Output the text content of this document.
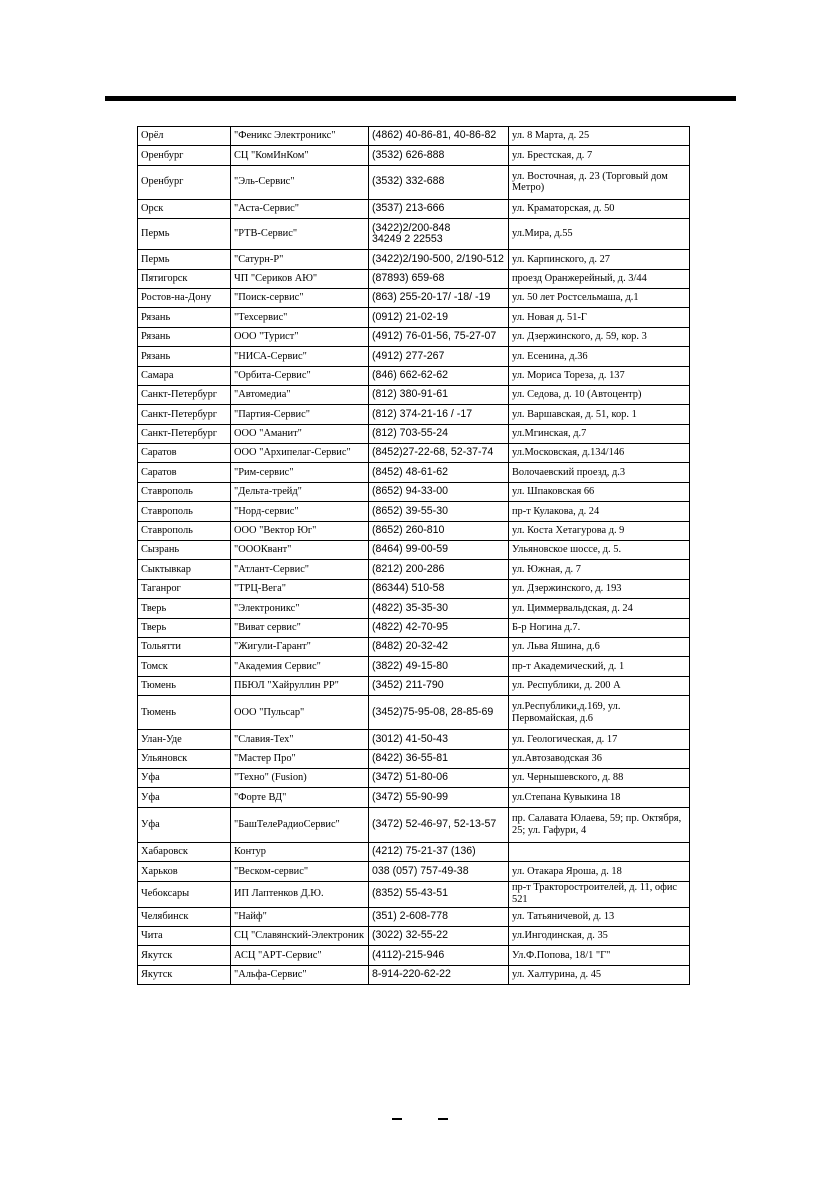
Орёл	"Феникс Электроникс"	(4862) 40-86-81, 40-86-82	ул. 8 Марта, д. 25
Оренбург	СЦ "КомИнКом"	(3532) 626-888	ул. Брестская, д. 7
Оренбург	"Эль-Сервис"	(3532) 332-688	ул. Восточная, д. 23 (Торговый дом Метро)
Орск	"Аста-Сервис"	(3537) 213-666	ул. Краматорская, д. 50
Пермь	"РТВ-Сервис"	(3422)2/200-848
34249 2 22553	ул.Мира, д.55
Пермь	"Сатурн-Р"	(3422)2/190-500, 2/190-512	ул. Карпинского, д. 27
Пятигорск	ЧП "Сериков АЮ"	(87893) 659-68	проезд Оранжерейный, д. 3/44
Ростов-на-Дону	"Поиск-сервис"	(863) 255-20-17/ -18/ -19	ул. 50 лет Ростсельмаша, д.1
Рязань	"Техсервис"	(0912) 21-02-19	ул. Новая д. 51-Г
Рязань	ООО "Турист"	(4912) 76-01-56, 75-27-07	ул. Дзержинского, д. 59, кор. 3
Рязань	"НИСА-Сервис"	(4912) 277-267	ул. Есенина, д.36
Самара	"Орбита-Сервис"	(846) 662-62-62	ул. Мориса Тореза, д. 137
Санкт-Петербург	"Автомедиа"	(812) 380-91-61	ул. Седова, д. 10 (Автоцентр)
Санкт-Петербург	"Партия-Сервис"	(812) 374-21-16 / -17	ул. Варшавская, д. 51, кор. 1
Санкт-Петербург	ООО "Аманит"	(812) 703-55-24	ул.Мгинская, д.7
Саратов	ООО "Архипелаг-Сервис"	(8452)27-22-68, 52-37-74	ул.Московская, д.134/146
Саратов	"Рим-сервис"	(8452) 48-61-62	Волочаевский проезд, д.3
Ставрополь	"Дельта-трейд"	(8652) 94-33-00	ул. Шпаковская 66
Ставрополь	"Норд-сервис"	(8652) 39-55-30	пр-т Кулакова, д. 24
Ставрополь	ООО "Вектор Юг"	(8652) 260-810	ул. Коста Хетагурова д. 9
Сызрань	"ОООКвант"	(8464) 99-00-59	Ульяновское шоссе, д. 5.
Сыктывкар	"Атлант-Сервис"	(8212) 200-286	ул. Южная, д. 7
Таганрог	"ТРЦ-Вега"	(86344) 510-58	ул. Дзержинского, д. 193
Тверь	"Электроникс"	(4822) 35-35-30	ул. Циммервальдская, д. 24
Тверь	"Виват сервис"	(4822) 42-70-95	Б-р Ногина д.7.
Тольятти	"Жигули-Гарант"	(8482) 20-32-42	ул. Льва Яшина, д.6
Томск	"Академия Сервис"	(3822) 49-15-80	пр-т Академический, д. 1
Тюмень	ПБЮЛ "Хайруллин РР"	(3452) 211-790	ул. Республики, д. 200 А
Тюмень	ООО "Пульсар"	(3452)75-95-08, 28-85-69	ул.Республики,д.169, ул. Первомайская, д.6
Улан-Уде	"Славия-Тех"	(3012) 41-50-43	ул. Геологическая, д. 17
Ульяновск	"Мастер Про"	(8422) 36-55-81	ул.Автозаводская 36
Уфа	"Техно" (Fusion)	(3472) 51-80-06	ул. Чернышевского, д. 88
Уфа	"Форте ВД"	(3472) 55-90-99	ул.Степана Кувыкина 18
Уфа	"БашТелеРадиоСервис"	(3472) 52-46-97, 52-13-57	пр. Салавата Юлаева, 59; пр. Октября, 25; ул. Гафури, 4
Хабаровск	Контур	(4212) 75-21-37 (136)	
Харьков	"Веском-сервис"	038 (057) 757-49-38	ул. Отакара Яроша, д. 18
Чебоксары	ИП Лаптенков Д.Ю.	(8352) 55-43-51	пр-т Тракторостроителей, д. 11, офис 521
Челябинск	"Найф"	(351) 2-608-778	ул. Татьяничевой, д. 13
Чита	СЦ "Славянский-Электроник	(3022) 32-55-22	ул.Ингодинская, д. 35
Якутск	АСЦ "АРТ-Сервис"	(4112)-215-946	Ул.Ф.Попова, 18/1 "Г"
Якутск	"Альфа-Сервис"	8-914-220-62-22	ул. Халтурина, д. 45
